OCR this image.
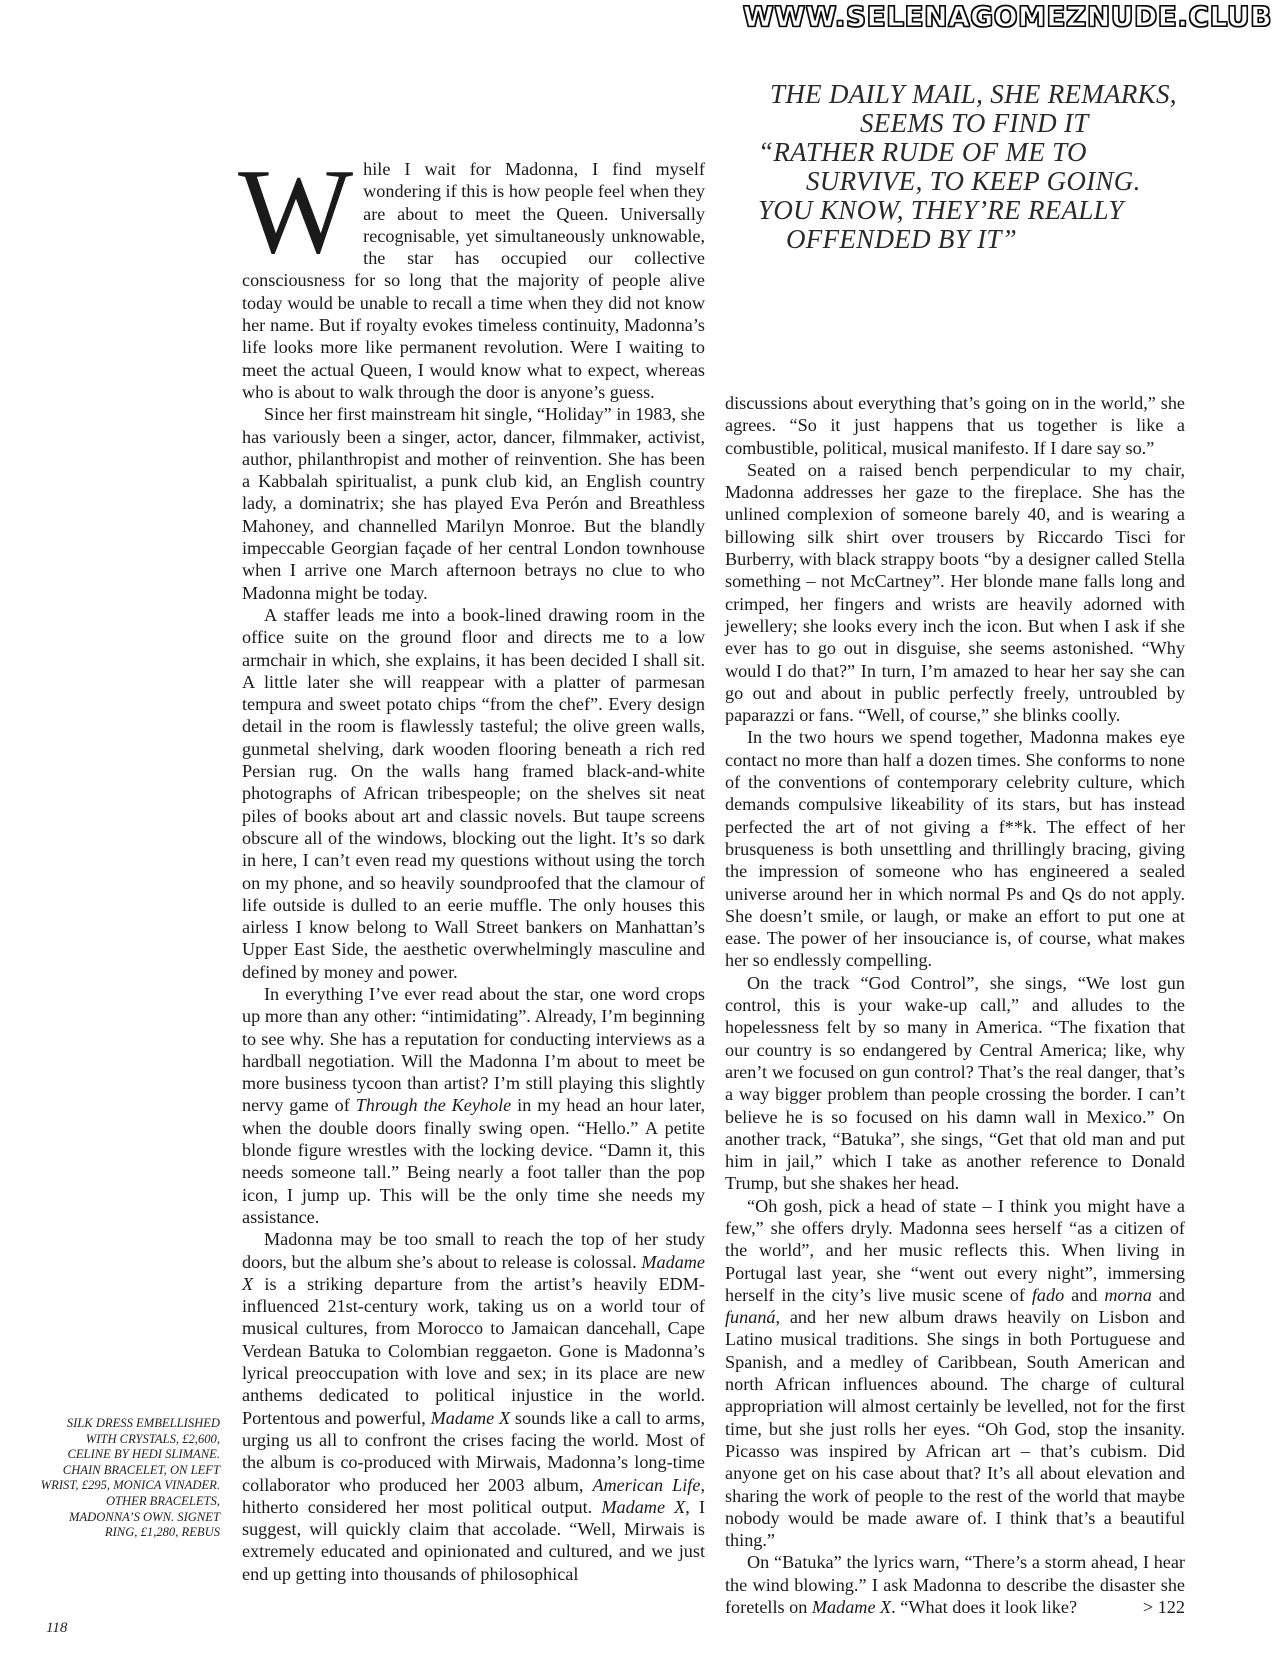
WWW.SELENAGOMEZNUDE.CLUB
THE DAILY MAIL, SHE REMARKS,
SEEMS TO FIND IT
“RATHER RUDE OF ME TO
SURVIVE, TO KEEP GOING.
YOU KNOW, THEY’RE REALLY
OFFENDED BY IT”

While I wait for Madonna, I find myself wondering if this is how people feel when they are about to meet the Queen. Universally recognisable, yet simultaneously unknowable, the star has occupied our collective consciousness for so long that the majority of people alive today would be unable to recall a time when they did not know her name. But if royalty evokes timeless continuity, Madonna’s life looks more like permanent revolution. Were I waiting to meet the actual Queen, I would know what to expect, whereas who is about to walk through the door is anyone’s guess.

Since her first mainstream hit single, “Holiday” in 1983, she has variously been a singer, actor, dancer, filmmaker, activist, author, philanthropist and mother of reinvention. She has been a Kabbalah spiritualist, a punk club kid, an English country lady, a dominatrix; she has played Eva Perón and Breathless Mahoney, and channelled Marilyn Monroe. But the blandly impeccable Georgian façade of her central London townhouse when I arrive one March afternoon betrays no clue to who Madonna might be today.

A staffer leads me into a book-lined drawing room in the office suite on the ground floor and directs me to a low armchair in which, she explains, it has been decided I shall sit. A little later she will reappear with a platter of parmesan tempura and sweet potato chips “from the chef”. Every design detail in the room is flawlessly tasteful; the olive green walls, gunmetal shelving, dark wooden flooring beneath a rich red Persian rug. On the walls hang framed black-and-white photographs of African tribespeople; on the shelves sit neat piles of books about art and classic novels. But taupe screens obscure all of the windows, blocking out the light. It’s so dark in here, I can’t even read my questions without using the torch on my phone, and so heavily soundproofed that the clamour of life outside is dulled to an eerie muffle. The only houses this airless I know belong to Wall Street bankers on Manhattan’s Upper East Side, the aesthetic overwhelmingly masculine and defined by money and power.

In everything I’ve ever read about the star, one word crops up more than any other: “intimidating”. Already, I’m beginning to see why. She has a reputation for conducting interviews as a hardball negotiation. Will the Madonna I’m about to meet be more business tycoon than artist? I’m still playing this slightly nervy game of Through the Keyhole in my head an hour later, when the double doors finally swing open. “Hello.” A petite blonde figure wrestles with the locking device. “Damn it, this needs someone tall.” Being nearly a foot taller than the pop icon, I jump up. This will be the only time she needs my assistance.

Madonna may be too small to reach the top of her study doors, but the album she’s about to release is colossal. Madame X is a striking departure from the artist’s heavily EDM-influenced 21st-century work, taking us on a world tour of musical cultures, from Morocco to Jamaican dancehall, Cape Verdean Batuka to Colombian reggaeton. Gone is Madonna’s lyrical preoccupation with love and sex; in its place are new anthems dedicated to political injustice in the world. Portentous and powerful, Madame X sounds like a call to arms, urging us all to confront the crises facing the world. Most of the album is co-produced with Mirwais, Madonna’s long-time collaborator who produced her 2003 album, American Life, hitherto considered her most political output. Madame X, I suggest, will quickly claim that accolade. “Well, Mirwais is extremely educated and opinionated and cultured, and we just end up getting into thousands of philosophical

discussions about everything that’s going on in the world,” she agrees. “So it just happens that us together is like a combustible, political, musical manifesto. If I dare say so.”

Seated on a raised bench perpendicular to my chair, Madonna addresses her gaze to the fireplace. She has the unlined complexion of someone barely 40, and is wearing a billowing silk shirt over trousers by Riccardo Tisci for Burberry, with black strappy boots “by a designer called Stella something – not McCartney”. Her blonde mane falls long and crimped, her fingers and wrists are heavily adorned with jewellery; she looks every inch the icon. But when I ask if she ever has to go out in disguise, she seems astonished. “Why would I do that?” In turn, I’m amazed to hear her say she can go out and about in public perfectly freely, untroubled by paparazzi or fans. “Well, of course,” she blinks coolly.

In the two hours we spend together, Madonna makes eye contact no more than half a dozen times. She conforms to none of the conventions of contemporary celebrity culture, which demands compulsive likeability of its stars, but has instead perfected the art of not giving a f**k. The effect of her brusqueness is both unsettling and thrillingly bracing, giving the impression of someone who has engineered a sealed universe around her in which normal Ps and Qs do not apply. She doesn’t smile, or laugh, or make an effort to put one at ease. The power of her insouciance is, of course, what makes her so endlessly compelling.

On the track “God Control”, she sings, “We lost gun control, this is your wake-up call,” and alludes to the hopelessness felt by so many in America. “The fixation that our country is so endangered by Central America; like, why aren’t we focused on gun control? That’s the real danger, that’s a way bigger problem than people crossing the border. I can’t believe he is so focused on his damn wall in Mexico.” On another track, “Batuka”, she sings, “Get that old man and put him in jail,” which I take as another reference to Donald Trump, but she shakes her head.

“Oh gosh, pick a head of state – I think you might have a few,” she offers dryly. Madonna sees herself “as a citizen of the world”, and her music reflects this. When living in Portugal last year, she “went out every night”, immersing herself in the city’s live music scene of fado and morna and funaná, and her new album draws heavily on Lisbon and Latino musical traditions. She sings in both Portuguese and Spanish, and a medley of Caribbean, South American and north African influences abound. The charge of cultural appropriation will almost certainly be levelled, not for the first time, but she just rolls her eyes. “Oh God, stop the insanity. Picasso was inspired by African art – that’s cubism. Did anyone get on his case about that? It’s all about elevation and sharing the work of people to the rest of the world that maybe nobody would be made aware of. I think that’s a beautiful thing.”

On “Batuka” the lyrics warn, “There’s a storm ahead, I hear the wind blowing.” I ask Madonna to describe the disaster she foretells on Madame X. “What does it look like?	> 122

SILK DRESS EMBELLISHED WITH CRYSTALS, £2,600, CELINE BY HEDI SLIMANE. CHAIN BRACELET, ON LEFT WRIST, £295, MONICA VINADER. OTHER BRACELETS, MADONNA’S OWN. SIGNET RING, £1,280, REBUS
118
